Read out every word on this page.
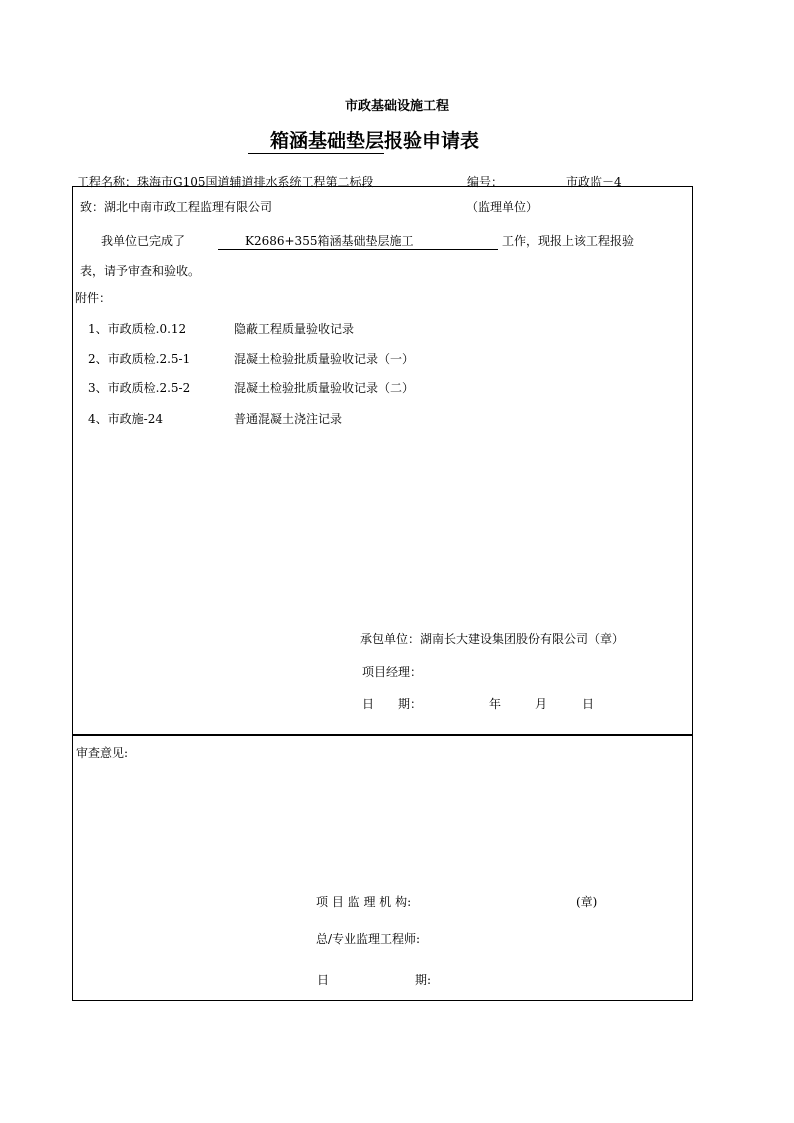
市政基础设施工程
箱涵基础垫层报验申请表
工程名称：珠海市G105国道辅道排水系统工程第二标段	编号：	市政监－4
致：湖北中南市政工程监理有限公司	（监理单位）
我单位已完成了	K2686+355箱涵基础垫层施工	工作，现报上该工程报验
表，请予审查和验收。
附件：
1、市政质检.0.12	隐蔽工程质量验收记录
2、市政质检.2.5-1	混凝土检验批质量验收记录（一）
3、市政质检.2.5-2	混凝土检验批质量验收记录（二）
4、市政施-24	普通混凝土浇注记录
承包单位：湖南长大建设集团股份有限公司（章）
项目经理：
日　　期：	年	月	日
审查意见:
项 目 监 理 机 构:	(章)
总/专业监理工程师:
日	期:
